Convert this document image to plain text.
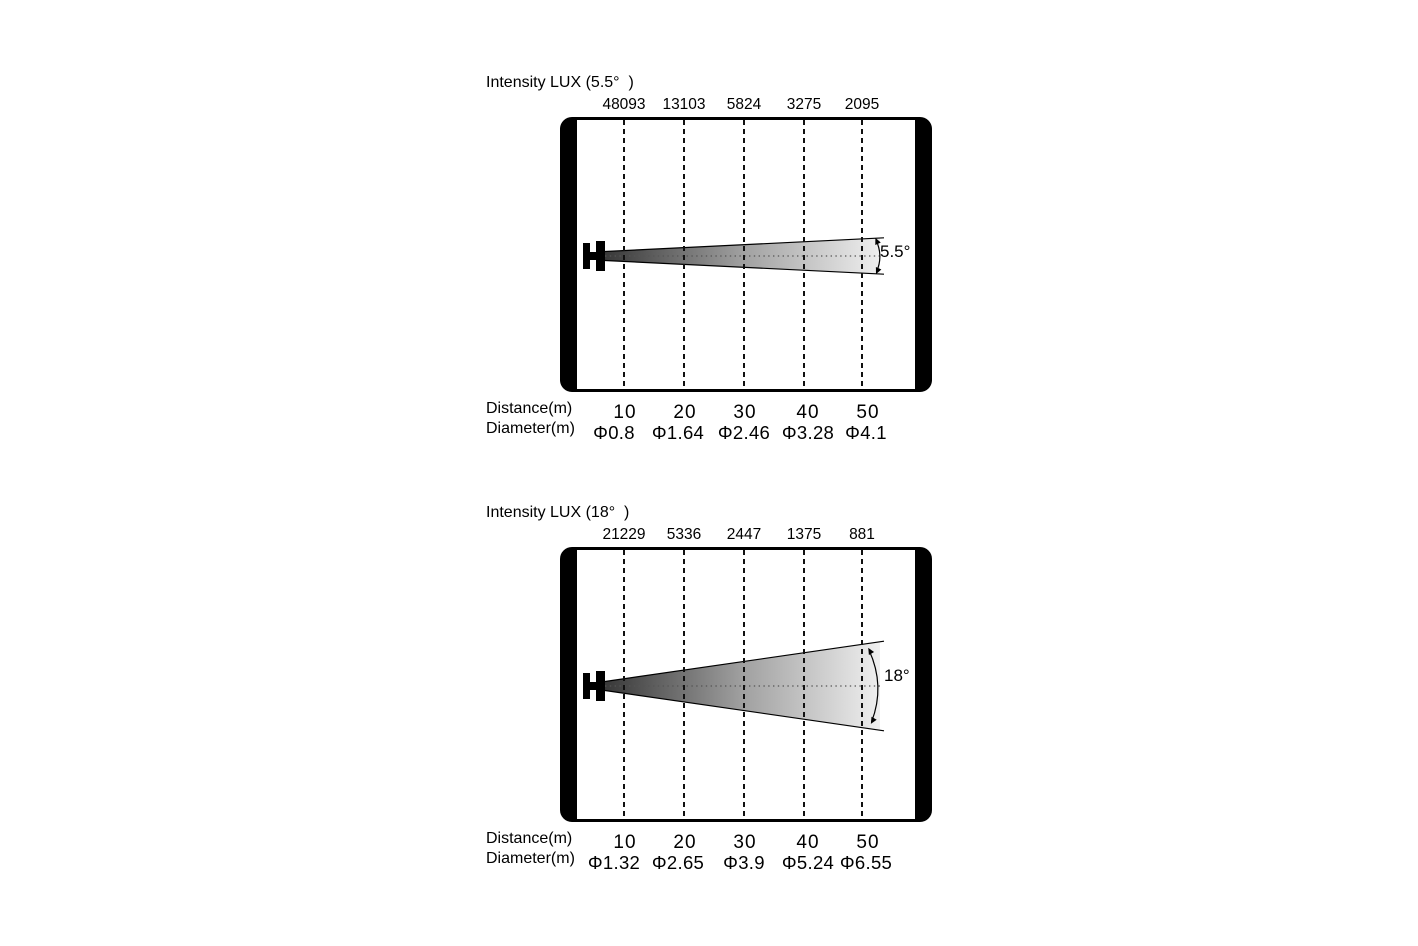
Intensity LUX (5.5°  )
48093 13103 5824 3275 2095
5.5°
Distance(m) 10 20 30 40 50
Diameter(m) Φ0.8 Φ1.64 Φ2.46 Φ3.28 Φ4.1
Intensity LUX (18°  )
21229 5336 2447 1375 881
18°
Distance(m) 10 20 30 40 50
Diameter(m) Φ1.32 Φ2.65 Φ3.9 Φ5.24 Φ6.55
